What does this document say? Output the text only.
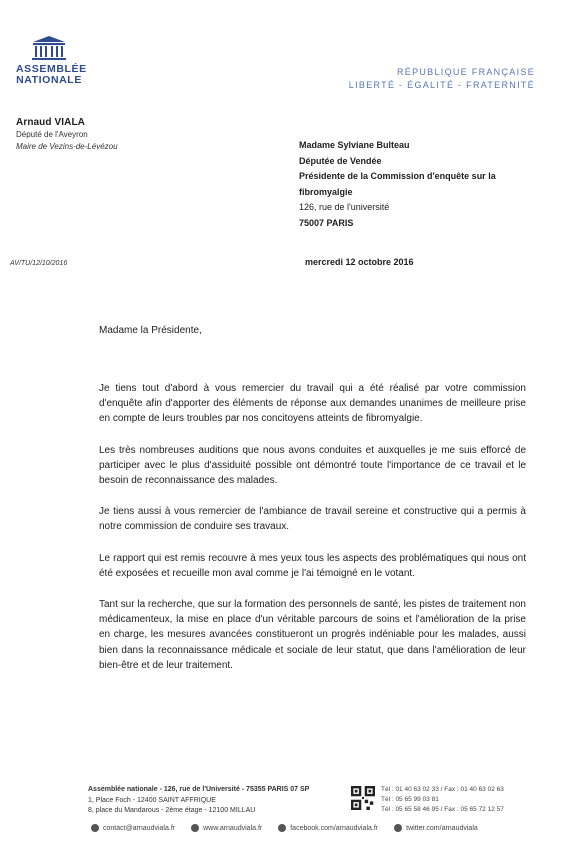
ASSEMBLÉE
NATIONALE
RÉPUBLIQUE FRANÇAISE
LIBERTÉ - ÉGALITÉ - FRATERNITÉ
Arnaud VIALA
Député de l'Aveyron
Maire de Vezins-de-Lévézou	Madame Sylviane Bulteau
Députée de Vendée
Présidente de la Commission d'enquête sur la
fibromyalgie
126, rue de l'université
75007 PARIS
AV/TU/12/10/2016	mercredi 12 octobre 2016
Madame la Présidente,

Je tiens tout d'abord à vous remercier du travail qui a été réalisé par votre commission d'enquête afin d'apporter des éléments de réponse aux demandes unanimes de meilleure prise en compte de leurs troubles par nos concitoyens atteints de fibromyalgie.

Les très nombreuses auditions que nous avons conduites et auxquelles je me suis efforcé de participer avec le plus d'assiduité possible ont démontré toute l'importance de ce travail et le besoin de reconnaissance des malades.

Je tiens aussi à vous remercier de l'ambiance de travail sereine et constructive qui a permis à notre commission de conduire ses travaux.

Le rapport qui est remis recouvre à mes yeux tous les aspects des problématiques qui nous ont été exposées et recueille mon aval comme je l'ai témoigné en le votant.

Tant sur la recherche, que sur la formation des personnels de santé, les pistes de traitement non médicamenteux, la mise en place d'un véritable parcours de soins et l'amélioration de la prise en charge, les mesures avancées constitueront un progrès indéniable pour les malades, aussi bien dans la reconnaissance médicale et sociale de leur statut, que dans l'amélioration de leur bien-être et de leur traitement.

Assemblée nationale - 126, rue de l'Université - 75355 PARIS 07 SP
1, Place Foch - 12400 SAINT AFFRIQUE
8, place du Mandarous - 2ème étage - 12100 MILLAU
Tél : 01 40 63 02 33 / Fax : 01 40 63 02 63
Tél : 05 65 99 03 81
Tél : 05 65 58 46 95 / Fax : 05 65 72 12 57
contact@arnaudviala.fr	www.arnaudviala.fr	facebook.com/arnaudviala.fr	twitter.com/arnaudviala
